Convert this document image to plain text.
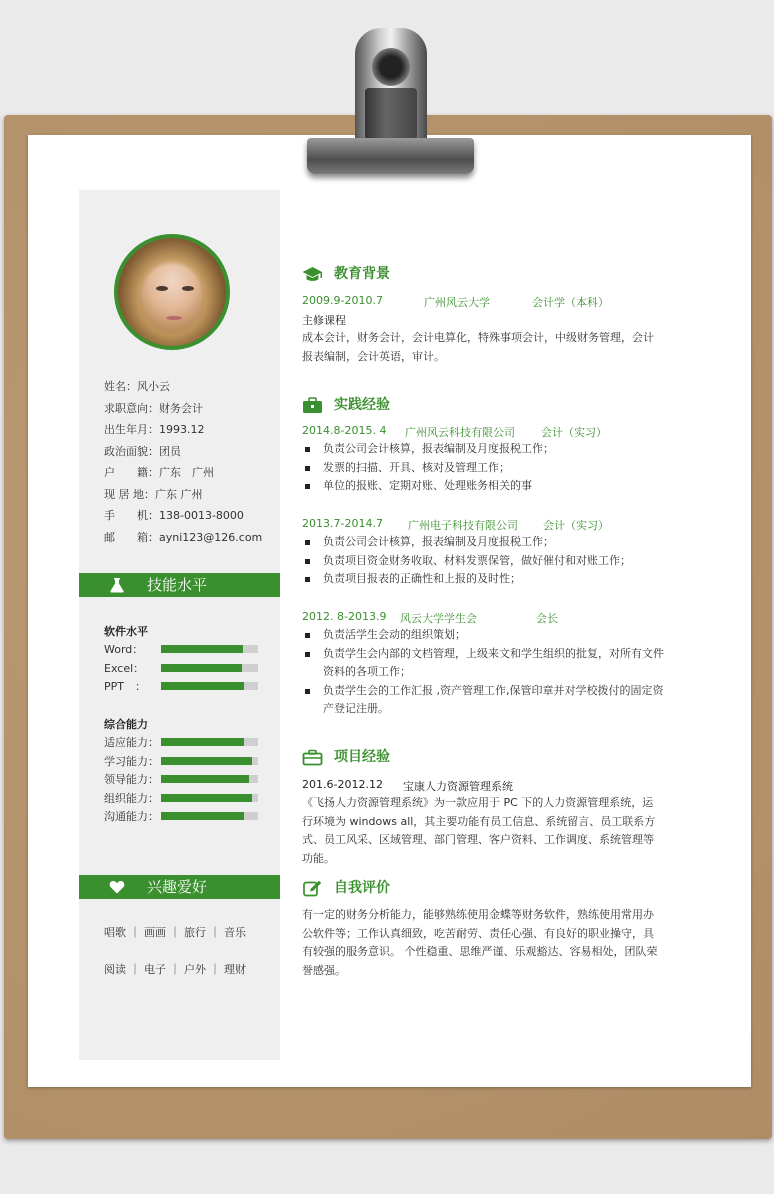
姓名：风小云
求职意向：财务会计
出生年月：1993.12
政治面貌：团员
户　　籍：广东　广州
现 居 地：广东 广州
手　　机：138-0013-8000
邮　　箱：ayni123@126.com
技能水平
软件水平
Word：
Excel：
PPT　：
综合能力
适应能力：
学习能力：
领导能力：
组织能力：
沟通能力：
兴趣爱好
唱歌 ｜ 画画 ｜ 旅行 ｜ 音乐
阅读 ｜ 电子 ｜ 户外 ｜ 理财
教育背景
2009.9-2010.7	广州风云大学	会计学（本科）
主修课程
成本会计，财务会计，会计电算化，特殊事项会计，中级财务管理，会计报表编制，会计英语，审计。
实践经验
2014.8-2015. 4 广州风云科技有限公司 会计（实习）
负责公司会计核算，报表编制及月度报税工作；
发票的扫描、开具、核对及管理工作；
单位的报账、定期对账、处理账务相关的事
2013.7-2014.7 广州电子科技有限公司 会计（实习）
负责公司会计核算，报表编制及月度报税工作；
负责项目资金财务收取、材料发票保管，做好催付和对账工作；
负责项目报表的正确性和上报的及时性；
2012. 8-2013.9 风云大学学生会	会长
负责活学生会动的组织策划；
负责学生会内部的文档管理，上级来文和学生组织的批复，对所有文件资料的各项工作；
负责学生会的工作汇报 ,资产管理工作,保管印章并对学校拨付的固定资产登记注册。
项目经验
201.6-2012.12 宝康人力资源管理系统
《飞扬人力资源管理系统》为一款应用于 PC 下的人力资源管理系统，运行环境为 windows all，其主要功能有员工信息、系统留言、员工联系方式、员工风采、区域管理、部门管理、客户资料、工作调度、系统管理等功能。
自我评价
有一定的财务分析能力，能够熟练使用金蝶等财务软件，熟练使用常用办公软件等；工作认真细致，吃苦耐劳、责任心强、有良好的职业操守，具有较强的服务意识。 个性稳重、思维严谨、乐观豁达、容易相处，团队荣誉感强。
